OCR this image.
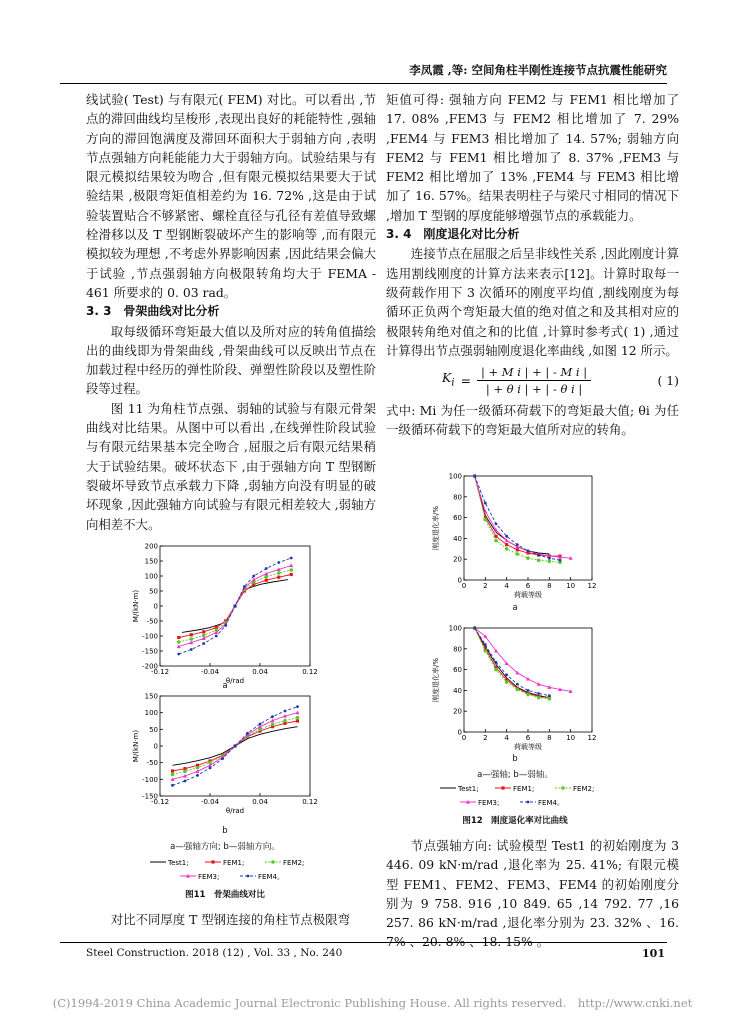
李凤霞 ,等: 空间角柱半刚性连接节点抗震性能研究

线试验( Test) 与有限元( FEM) 对比。可以看出 ,节点的滞回曲线均呈梭形 ,表现出良好的耗能特性 ,强轴方向的滞回饱满度及滞回环面积大于弱轴方向 ,表明节点强轴方向耗能能力大于弱轴方向。试验结果与有限元模拟结果较为吻合 ,但有限元模拟结果要大于试验结果 ,极限弯矩值相差约为 16. 72% ,这是由于试验装置贴合不够紧密、螺栓直径与孔径有差值导致螺栓滑移以及 T 型钢断裂破坏产生的影响等 ,而有限元模拟较为理想 ,不考虑外界影响因素 ,因此结果会偏大于试验 ,节点强弱轴方向极限转角均大于 FEMA - 461 所要求的 0. 03 rad。

3. 3　骨架曲线对比分析

取每级循环弯矩最大值以及所对应的转角值描绘出的曲线即为骨架曲线 ,骨架曲线可以反映出节点在加载过程中经历的弹性阶段、弹塑性阶段以及塑性阶段等过程。

图 11 为角柱节点强、弱轴的试验与有限元骨架曲线对比结果。从图中可以看出 ,在线弹性阶段试验与有限元结果基本完全吻合 ,屈服之后有限元结果稍大于试验结果。破坏状态下 ,由于强轴方向 T 型钢断裂破坏导致节点承载力下降 ,弱轴方向没有明显的破坏现象 ,因此强轴方向试验与有限元相差较大 ,弱轴方向相差不大。

对比不同厚度 T 型钢连接的角柱节点极限弯

-0.12	-0.04	0.04	0.12
-200
-150
-100
-50
0
50
100
150
200
θ/rad
M/(kN·m)
a
-0.12	-0.04	0.04	0.12
-150
-100
-50
0
50
100
150
θ/rad
M/(kN·m)
b
a—强轴方向; b—弱轴方向。
Test1;	FEM1;	FEM2;
FEM3;	FEM4。
图11　骨架曲线对比

矩值可得: 强轴方向 FEM2 与 FEM1 相比增加了 17. 08% ,FEM3 与 FEM2 相比增加了 7. 29% ,FEM4 与 FEM3 相比增加了 14. 57%; 弱轴方向 FEM2 与 FEM1 相比增加了 8. 37% ,FEM3 与 FEM2 相比增加了 13% ,FEM4 与 FEM3 相比增加了 16. 57%。结果表明柱子与梁尺寸相同的情况下 ,增加 T 型钢的厚度能够增强节点的承载能力。

3. 4　刚度退化对比分析

连接节点在屈服之后呈非线性关系 ,因此刚度计算选用割线刚度的计算方法来表示[12]。计算时取每一级荷载作用下 3 次循环的刚度平均值 ,割线刚度为每循环正负两个弯矩最大值的绝对值之和及其相对应的极限转角绝对值之和的比值 ,计算时参考式( 1) ,通过计算得出节点强弱轴刚度退化率曲线 ,如图 12 所示。

$K_i = \frac{\text{| + M i | + | - M i |}}{\text{| + θ i | + | - θ i |}}$	( 1)

式中: Mi 为任一级循环荷载下的弯矩最大值; θi 为任一级循环荷载下的弯矩最大值所对应的转角。

0 2 4 6 8 10 12
0
20
40
60
80
100
荷载等级
刚度退化率/%
a
0 2 4 6 8 10 12
0
20
40
60
80
100
荷载等级
刚度退化率/%
b
a—强轴; b—弱轴。
Test1;	FEM1;	FEM2;
FEM3;	FEM4。
图12　刚度退化率对比曲线

节点强轴方向: 试验模型 Test1 的初始刚度为 3 446. 09 kN·m/rad ,退化率为 25. 41%; 有限元模型 FEM1、FEM2、FEM3、FEM4 的初始刚度分别为 9 758. 916 ,10 849. 65 ,14 792. 77 ,16 257. 86 kN·m/rad ,退化率分别为 23. 32% 、16. 7% 、20. 8% 、18. 15% 。

Steel Construction. 2018 (12) , Vol. 33 , No. 240	101
(C)1994-2019 China Academic Journal Electronic Publishing House. All rights reserved.　http://www.cnki.net
